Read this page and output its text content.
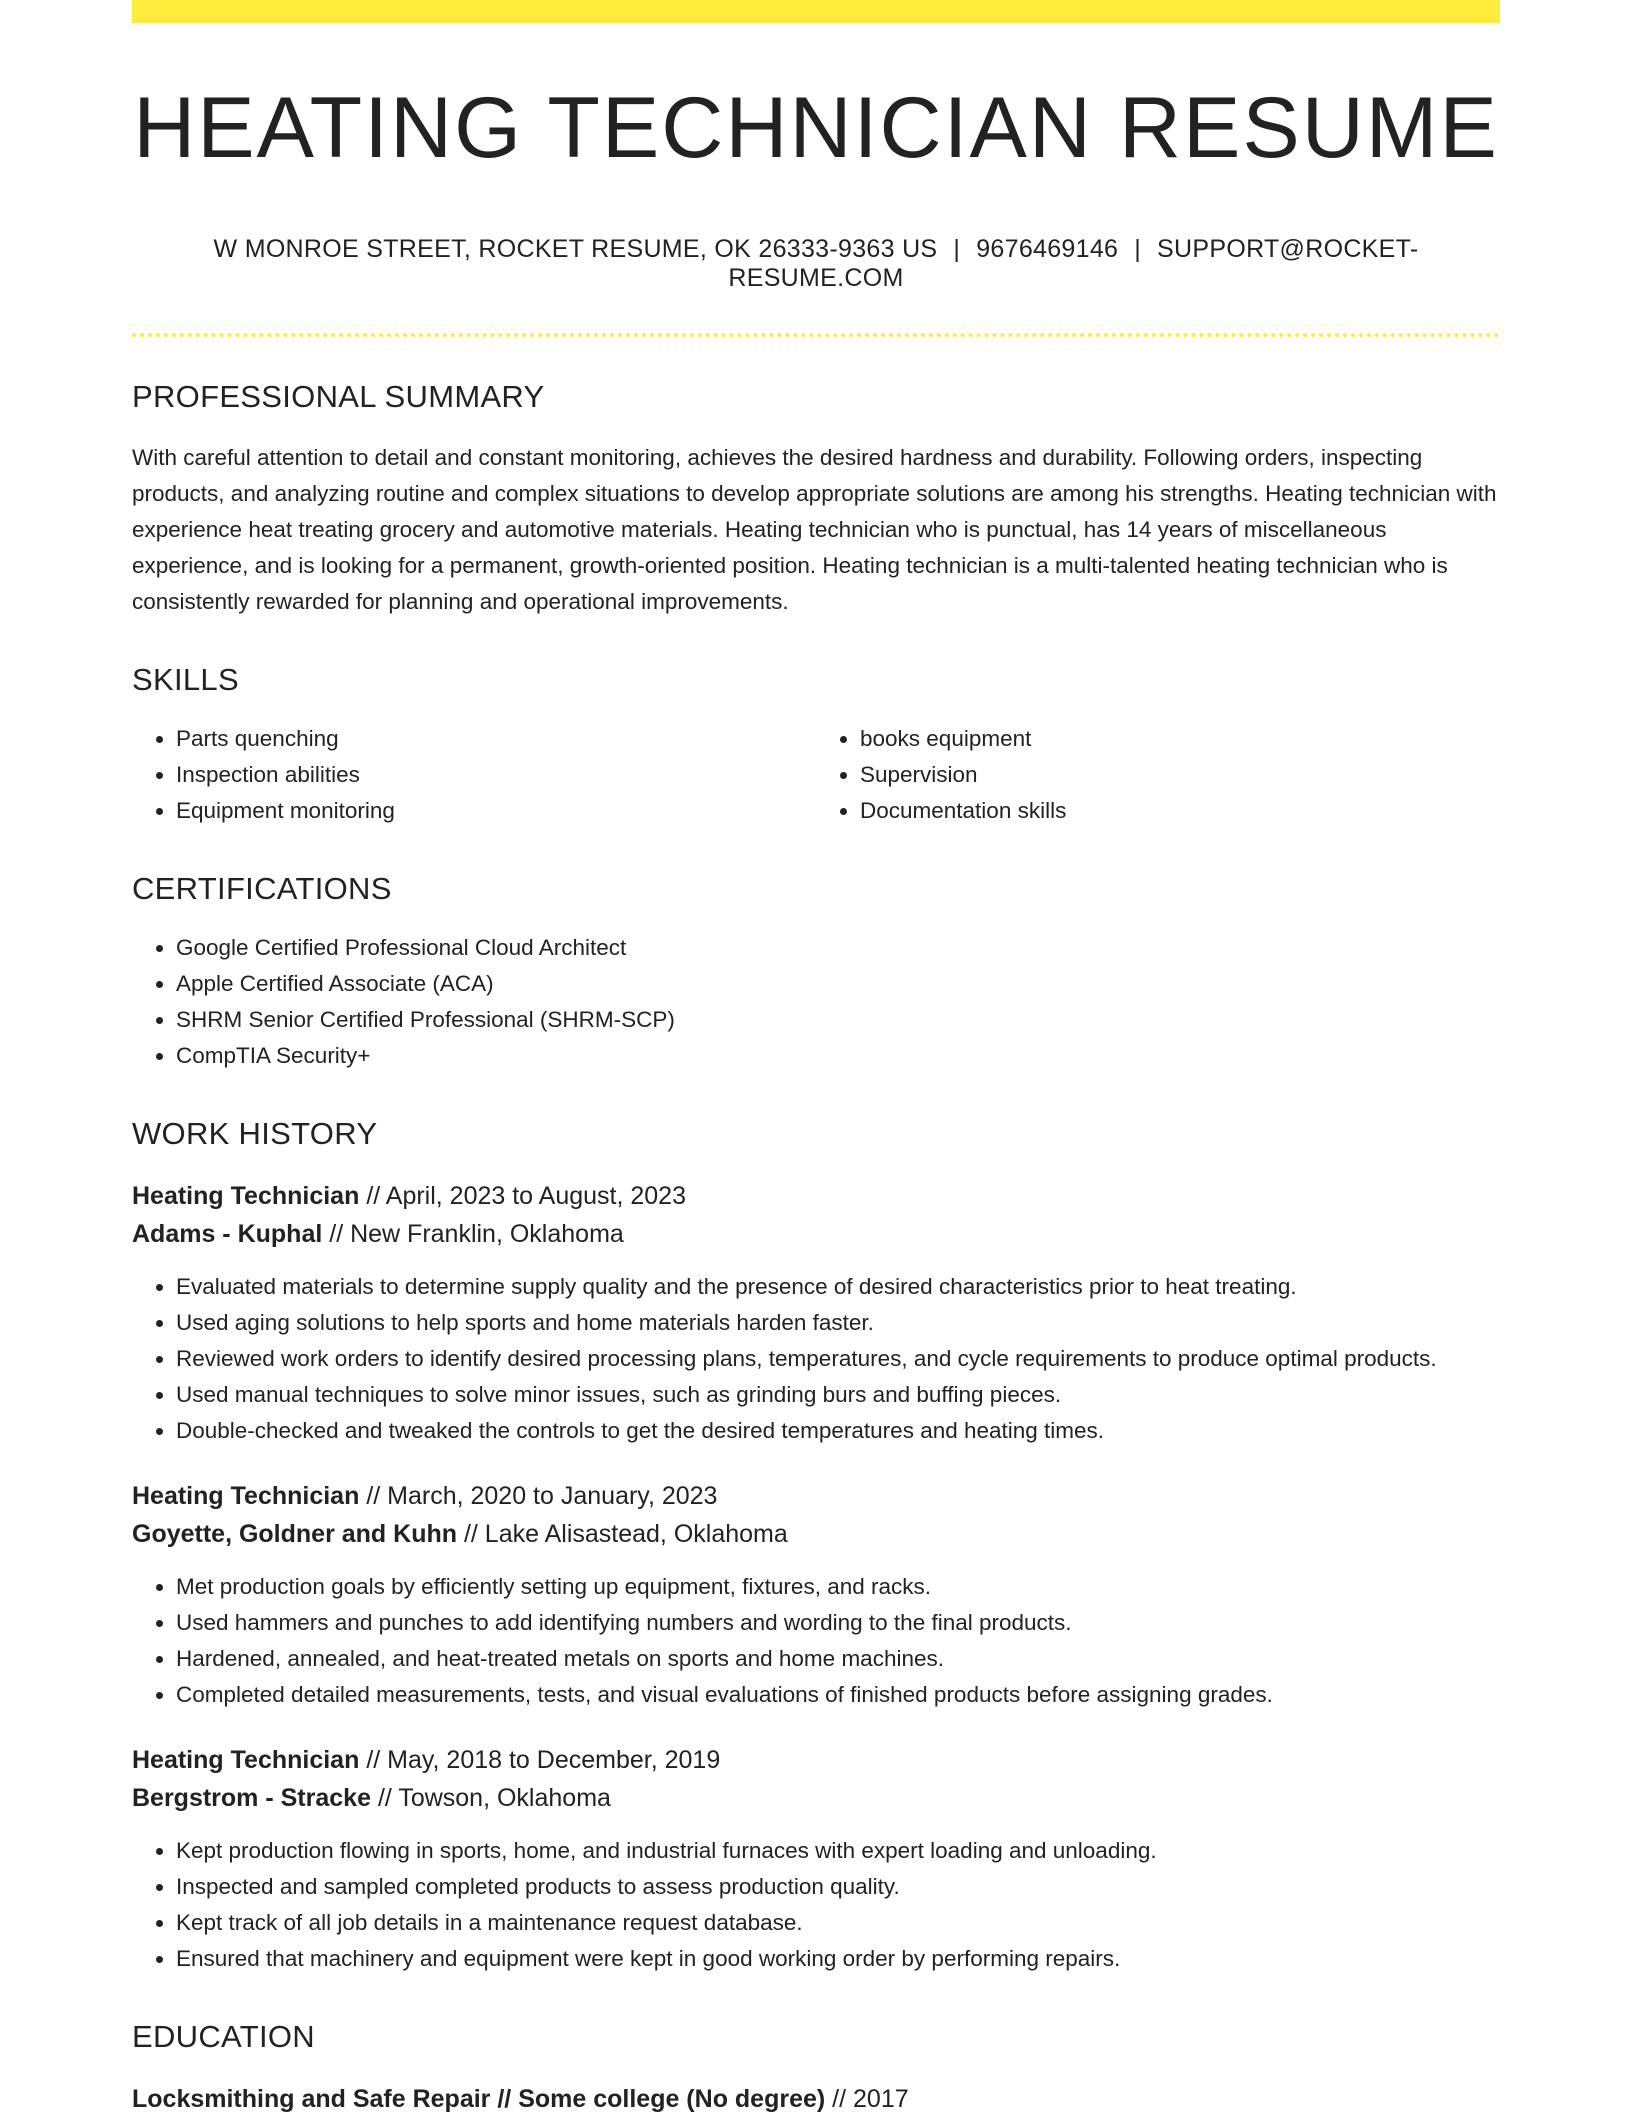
HEATING TECHNICIAN RESUME
W MONROE STREET, ROCKET RESUME, OK 26333-9363 US | 9676469146 | SUPPORT@ROCKET-RESUME.COM
PROFESSIONAL SUMMARY

With careful attention to detail and constant monitoring, achieves the desired hardness and durability. Following orders, inspecting products, and analyzing routine and complex situations to develop appropriate solutions are among his strengths. Heating technician with experience heat treating grocery and automotive materials. Heating technician who is punctual, has 14 years of miscellaneous experience, and is looking for a permanent, growth-oriented position. Heating technician is a multi-talented heating technician who is consistently rewarded for planning and operational improvements.

SKILLS
• Parts quenching
• Inspection abilities
• Equipment monitoring
• books equipment
• Supervision
• Documentation skills
CERTIFICATIONS
• Google Certified Professional Cloud Architect
• Apple Certified Associate (ACA)
• SHRM Senior Certified Professional (SHRM-SCP)
• CompTIA Security+
WORK HISTORY
Heating Technician // April, 2023 to August, 2023
Adams - Kuphal // New Franklin, Oklahoma
• Evaluated materials to determine supply quality and the presence of desired characteristics prior to heat treating.
• Used aging solutions to help sports and home materials harden faster.
• Reviewed work orders to identify desired processing plans, temperatures, and cycle requirements to produce optimal products.
• Used manual techniques to solve minor issues, such as grinding burs and buffing pieces.
• Double-checked and tweaked the controls to get the desired temperatures and heating times.
Heating Technician // March, 2020 to January, 2023
Goyette, Goldner and Kuhn // Lake Alisastead, Oklahoma
• Met production goals by efficiently setting up equipment, fixtures, and racks.
• Used hammers and punches to add identifying numbers and wording to the final products.
• Hardened, annealed, and heat-treated metals on sports and home machines.
• Completed detailed measurements, tests, and visual evaluations of finished products before assigning grades.
Heating Technician // May, 2018 to December, 2019
Bergstrom - Stracke // Towson, Oklahoma
• Kept production flowing in sports, home, and industrial furnaces with expert loading and unloading.
• Inspected and sampled completed products to assess production quality.
• Kept track of all job details in a maintenance request database.
• Ensured that machinery and equipment were kept in good working order by performing repairs.
EDUCATION
Locksmithing and Safe Repair // Some college (No degree) // 2017
